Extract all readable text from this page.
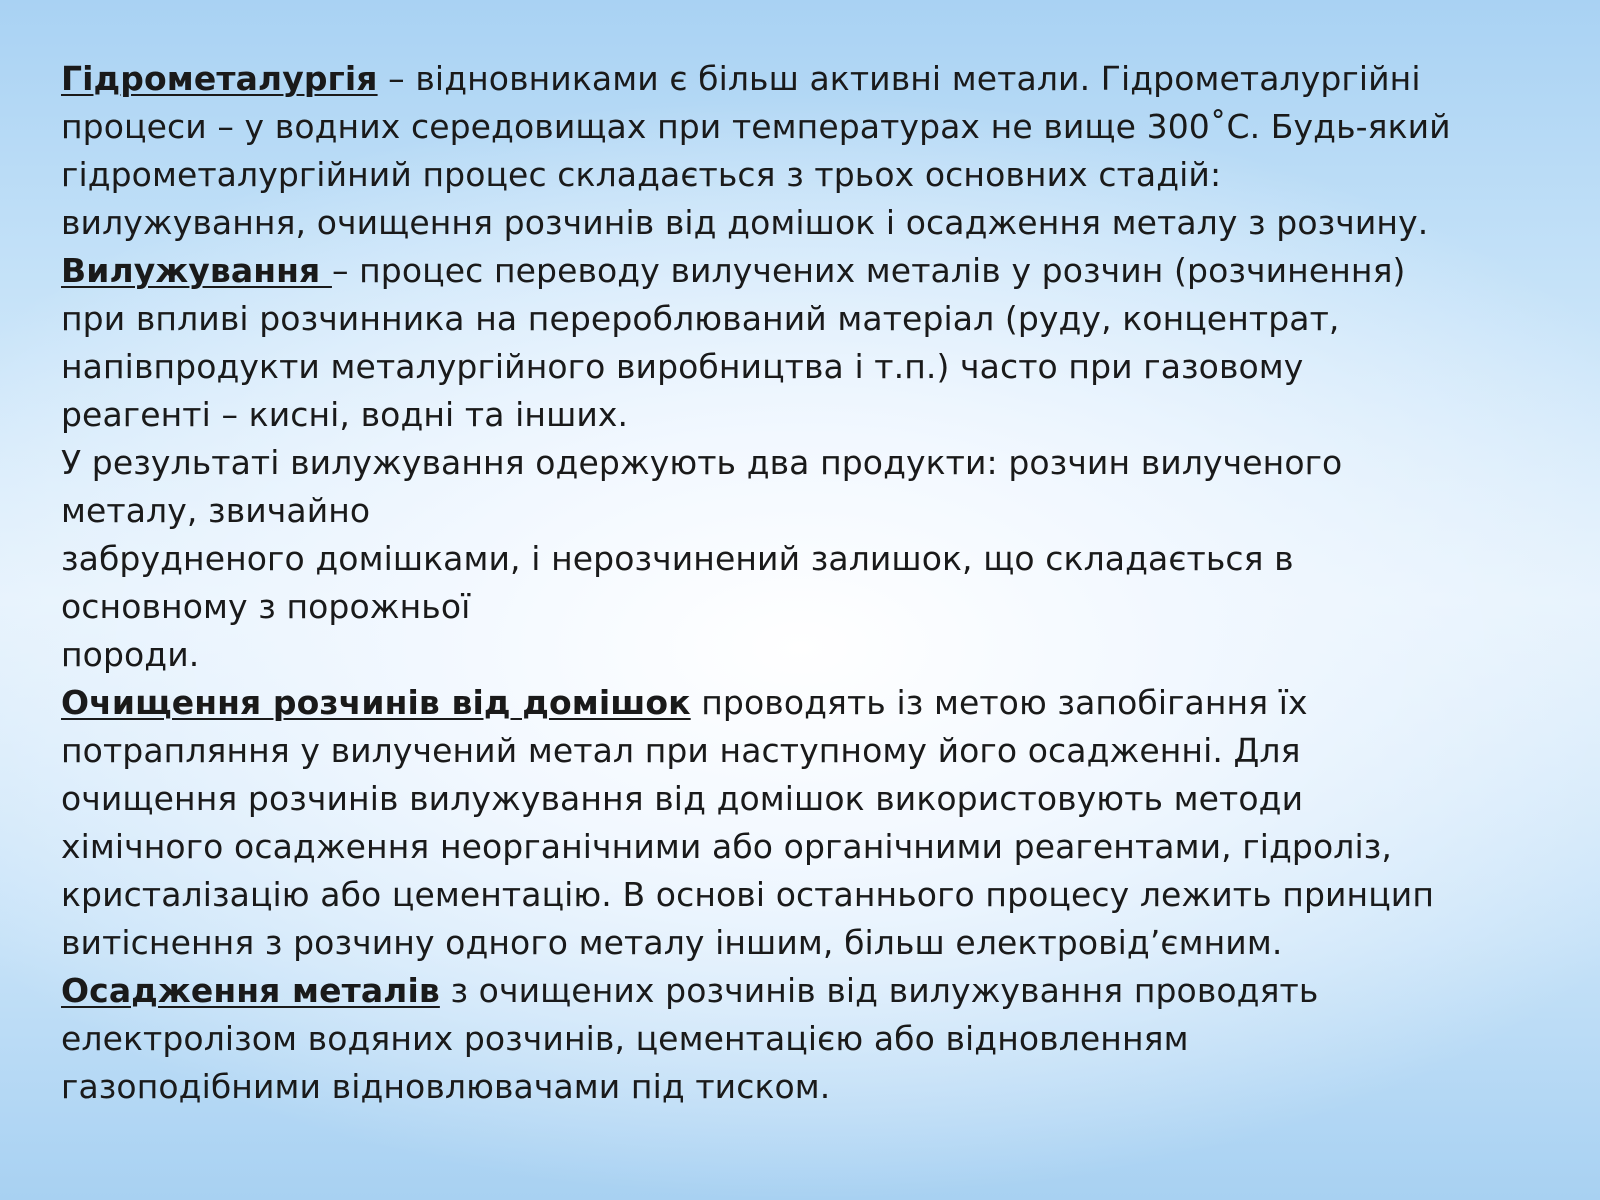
Гідрометалургія – відновниками є більш активні метали. Гідрометалургійні
процеси – у водних середовищах при температурах не вище 300˚С. Будь-який
гідрометалургійний процес складається з трьох основних стадій:
вилужування, очищення розчинів від домішок і осадження металу з розчину.
Вилужування – процес переводу вилучених металів у розчин (розчинення)
при впливі розчинника на перероблюваний матеріал (руду, концентрат,
напівпродукти металургійного виробництва і т.п.) часто при газовому
реагенті – кисні, водні та інших.
У результаті вилужування одержують два продукти: розчин вилученого
металу, звичайно
забрудненого домішками, і нерозчинений залишок, що складається в
основному з порожньої
породи.
Очищення розчинів від домішок проводять із метою запобігання їх
потрапляння у вилучений метал при наступному його осадженні. Для
очищення розчинів вилужування від домішок використовують методи
хімічного осадження неорганічними або органічними реагентами, гідроліз,
кристалізацію або цементацію. В основі останнього процесу лежить принцип
витіснення з розчину одного металу іншим, більш електровід’ємним.
Осадження металів з очищених розчинів від вилужування проводять
електролізом водяних розчинів, цементацією або відновленням
газоподібними відновлювачами під тиском.
